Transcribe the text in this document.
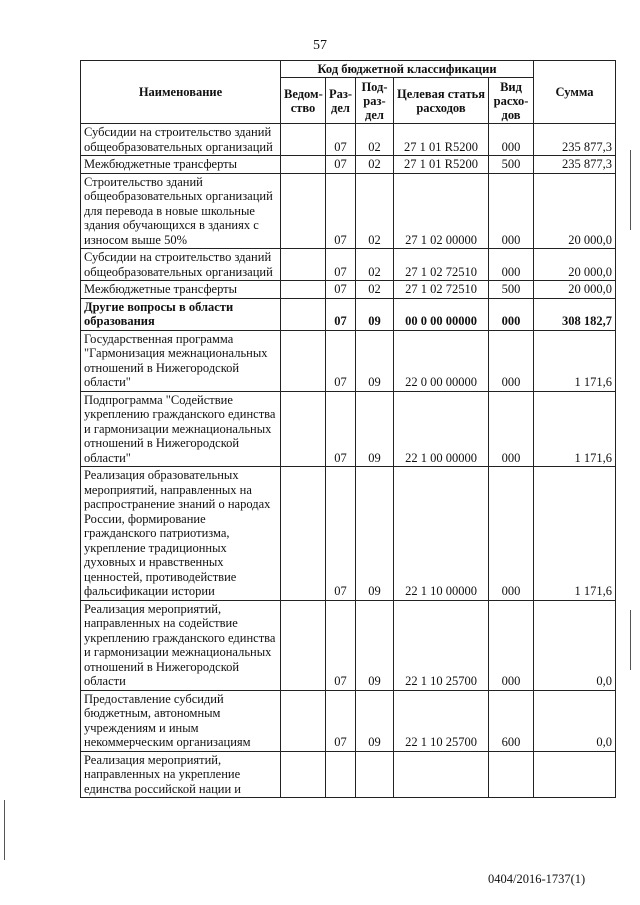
57
Наименование	Код бюджетной классификации					Сумма
	Ведом-ство	Раз-дел	Под-раз-дел	Целевая статья расходов	Вид расхо-дов	
Субсидии на строительство зданий общеобразовательных организаций		07	02	27 1 01 R5200	000	235 877,3
Межбюджетные трансферты		07	02	27 1 01 R5200	500	235 877,3
Строительство зданий общеобразовательных организаций для перевода в новые школьные здания обучающихся в зданиях с износом выше 50%		07	02	27 1 02 00000	000	20 000,0
Субсидии на строительство зданий общеобразовательных организаций		07	02	27 1 02 72510	000	20 000,0
Межбюджетные трансферты		07	02	27 1 02 72510	500	20 000,0
Другие вопросы в области образования		07	09	00 0 00 00000	000	308 182,7
Государственная программа "Гармонизация межнациональных отношений в Нижегородской области"		07	09	22 0 00 00000	000	1 171,6
Подпрограмма "Содействие укреплению гражданского единства и гармонизации межнациональных отношений в Нижегородской области"		07	09	22 1 00 00000	000	1 171,6
Реализация образовательных мероприятий, направленных на распространение знаний о народах России, формирование гражданского патриотизма, укрепление традиционных духовных и нравственных ценностей, противодействие фальсификации истории		07	09	22 1 10 00000	000	1 171,6
Реализация мероприятий, направленных на содействие укреплению гражданского единства и гармонизации межнациональных отношений в Нижегородской области		07	09	22 1 10 25700	000	0,0
Предоставление субсидий бюджетным, автономным учреждениям и иным некоммерческим организациям		07	09	22 1 10 25700	600	0,0
Реализация мероприятий, направленных на укрепление единства российской нации и						
0404/2016-1737(1)
